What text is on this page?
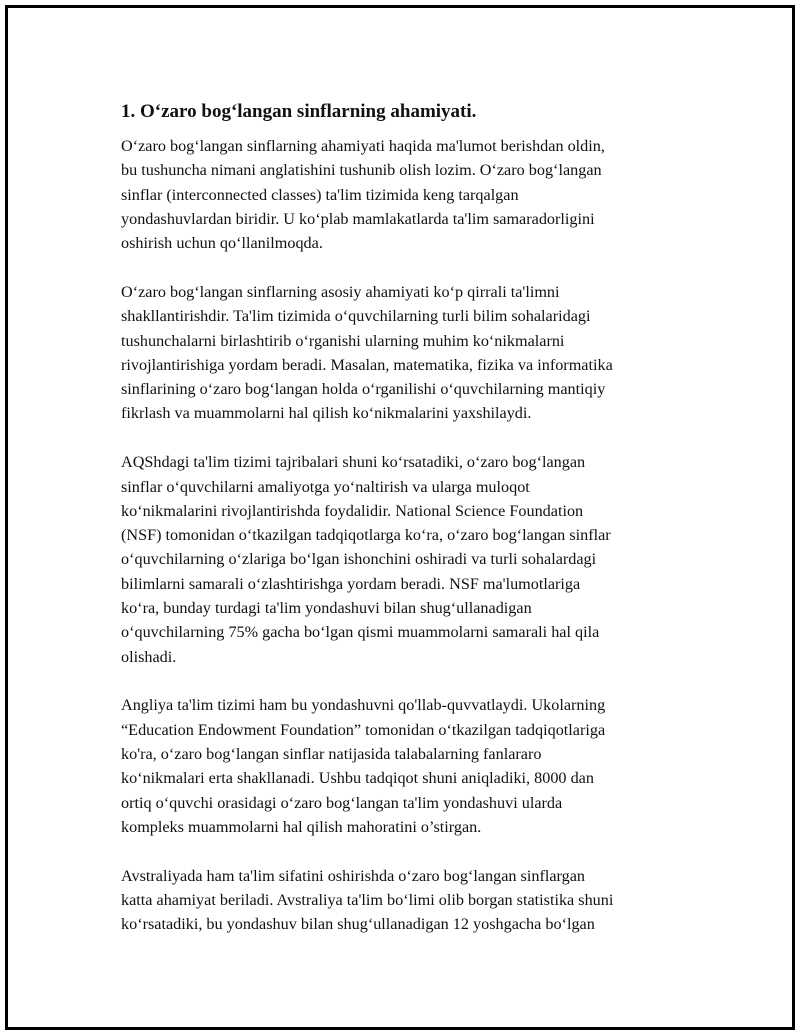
1. O‘zaro bog‘langan sinflarning ahamiyati.

O‘zaro bog‘langan sinflarning ahamiyati haqida ma'lumot berishdan oldin,
bu tushuncha nimani anglatishini tushunib olish lozim. O‘zaro bog‘langan
sinflar (interconnected classes) ta'lim tizimida keng tarqalgan
yondashuvlardan biridir. U ko‘plab mamlakatlarda ta'lim samaradorligini
oshirish uchun qo‘llanilmoqda.

O‘zaro bog‘langan sinflarning asosiy ahamiyati ko‘p qirrali ta'limni
shakllantirishdir. Ta'lim tizimida o‘quvchilarning turli bilim sohalaridagi
tushunchalarni birlashtirib o‘rganishi ularning muhim ko‘nikmalarni
rivojlantirishiga yordam beradi. Masalan, matematika, fizika va informatika
sinflarining o‘zaro bog‘langan holda o‘rganilishi o‘quvchilarning mantiqiy
fikrlash va muammolarni hal qilish ko‘nikmalarini yaxshilaydi.

AQShdagi ta'lim tizimi tajribalari shuni ko‘rsatadiki, o‘zaro bog‘langan
sinflar o‘quvchilarni amaliyotga yo‘naltirish va ularga muloqot
ko‘nikmalarini rivojlantirishda foydalidir. National Science Foundation
(NSF) tomonidan o‘tkazilgan tadqiqotlarga ko‘ra, o‘zaro bog‘langan sinflar
o‘quvchilarning o‘zlariga bo‘lgan ishonchini oshiradi va turli sohalardagi
bilimlarni samarali o‘zlashtirishga yordam beradi. NSF ma'lumotlariga
ko‘ra, bunday turdagi ta'lim yondashuvi bilan shug‘ullanadigan
o‘quvchilarning 75% gacha bo‘lgan qismi muammolarni samarali hal qila
olishadi.

Angliya ta'lim tizimi ham bu yondashuvni qo'llab-quvvatlaydi. Ukolarning
“Education Endowment Foundation” tomonidan o‘tkazilgan tadqiqotlariga
ko'ra, o‘zaro bog‘langan sinflar natijasida talabalarning fanlararo
ko‘nikmalari erta shakllanadi. Ushbu tadqiqot shuni aniqladiki, 8000 dan
ortiq o‘quvchi orasidagi o‘zaro bog‘langan ta'lim yondashuvi ularda
kompleks muammolarni hal qilish mahoratini o’stirgan.

Avstraliyada ham ta'lim sifatini oshirishda o‘zaro bog‘langan sinflargan
katta ahamiyat beriladi. Avstraliya ta'lim bo‘limi olib borgan statistika shuni
ko‘rsatadiki, bu yondashuv bilan shug‘ullanadigan 12 yoshgacha bo‘lgan
